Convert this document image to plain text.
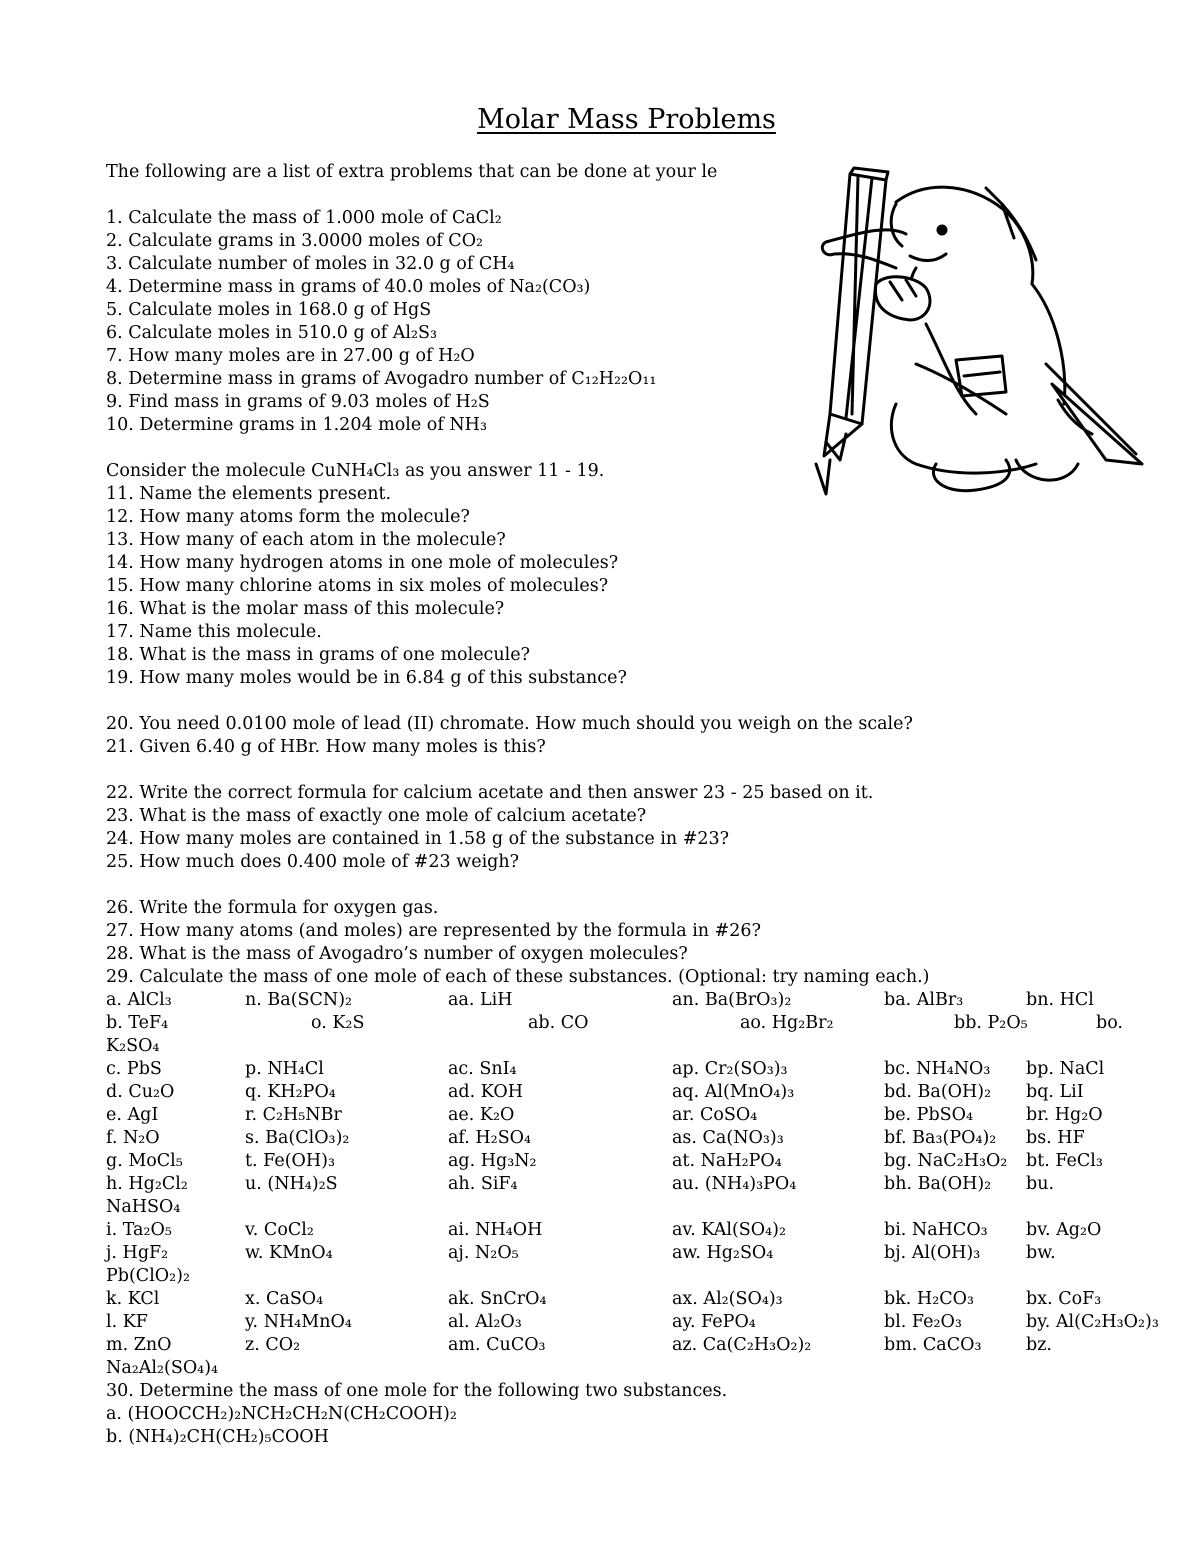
Molar Mass Problems
The following are a list of extra problems that can be done at your le
1. Calculate the mass of 1.000 mole of CaCl₂
2. Calculate grams in 3.0000 moles of CO₂
3. Calculate number of moles in 32.0 g of CH₄
4. Determine mass in grams of 40.0 moles of Na₂(CO₃)
5. Calculate moles in 168.0 g of HgS
6. Calculate moles in 510.0 g of Al₂S₃
7. How many moles are in 27.00 g of H₂O
8. Determine mass in grams of Avogadro number of C₁₂H₂₂O₁₁
9. Find mass in grams of 9.03 moles of H₂S
10. Determine grams in 1.204 mole of NH₃
Consider the molecule CuNH₄Cl₃ as you answer 11 - 19.
11. Name the elements present.
12. How many atoms form the molecule?
13. How many of each atom in the molecule?
14. How many hydrogen atoms in one mole of molecules?
15. How many chlorine atoms in six moles of molecules?
16. What is the molar mass of this molecule?
17. Name this molecule.
18. What is the mass in grams of one molecule?
19. How many moles would be in 6.84 g of this substance?
20. You need 0.0100 mole of lead (II) chromate. How much should you weigh on the scale?
21. Given 6.40 g of HBr. How many moles is this?
22. Write the correct formula for calcium acetate and then answer 23 - 25 based on it.
23. What is the mass of exactly one mole of calcium acetate?
24. How many moles are contained in 1.58 g of the substance in #23?
25. How much does 0.400 mole of #23 weigh?
26. Write the formula for oxygen gas.
27. How many atoms (and moles) are represented by the formula in #26?
28. What is the mass of Avogadro’s number of oxygen molecules?
29. Calculate the mass of one mole of each of these substances. (Optional: try naming each.)
a. AlCl₃	n. Ba(SCN)₂	aa. LiH	an. Ba(BrO₃)₂	ba. AlBr₃	bn. HCl
b. TeF₄	o. K₂S	ab. CO	ao. Hg₂Br₂	bb. P₂O₅	bo.
K₂SO₄
c. PbS	p. NH₄Cl	ac. SnI₄	ap. Cr₂(SO₃)₃	bc. NH₄NO₃ bp. NaCl
d. Cu₂O	q. KH₂PO₄	ad. KOH	aq. Al(MnO₄)₃	bd. Ba(OH)₂ bq. LiI
e. AgI	r. C₂H₅NBr	ae. K₂O	ar. CoSO₄	be. PbSO₄	br. Hg₂O
f. N₂O	s. Ba(ClO₃)₂	af. H₂SO₄	as. Ca(NO₃)₃	bf. Ba₃(PO₄)₂ bs. HF
g. MoCl₅	t. Fe(OH)₃	ag. Hg₃N₂	at. NaH₂PO₄	bg. NaC₂H₃O₂ bt. FeCl₃
h. Hg₂Cl₂	u. (NH₄)₂S	ah. SiF₄	au. (NH₄)₃PO₄	bh. Ba(OH)₂ bu.
NaHSO₄
i. Ta₂O₅	v. CoCl₂	ai. NH₄OH	av. KAl(SO₄)₂	bi. NaHCO₃ bv. Ag₂O
j. HgF₂	w. KMnO₄	aj. N₂O₅	aw. Hg₂SO₄	bj. Al(OH)₃	bw.
Pb(ClO₂)₂
k. KCl	x. CaSO₄	ak. SnCrO₄	ax. Al₂(SO₄)₃	bk. H₂CO₃	bx. CoF₃
l. KF	y. NH₄MnO₄	al. Al₂O₃	ay. FePO₄	bl. Fe₂O₃	by. Al(C₂H₃O₂)₃
m. ZnO	z. CO₂	am. CuCO₃	az. Ca(C₂H₃O₂)₂	bm. CaCO₃	bz.
Na₂Al₂(SO₄)₄
30. Determine the mass of one mole for the following two substances.
a. (HOOCCH₂)₂NCH₂CH₂N(CH₂COOH)₂
b. (NH₄)₂CH(CH₂)₅COOH
